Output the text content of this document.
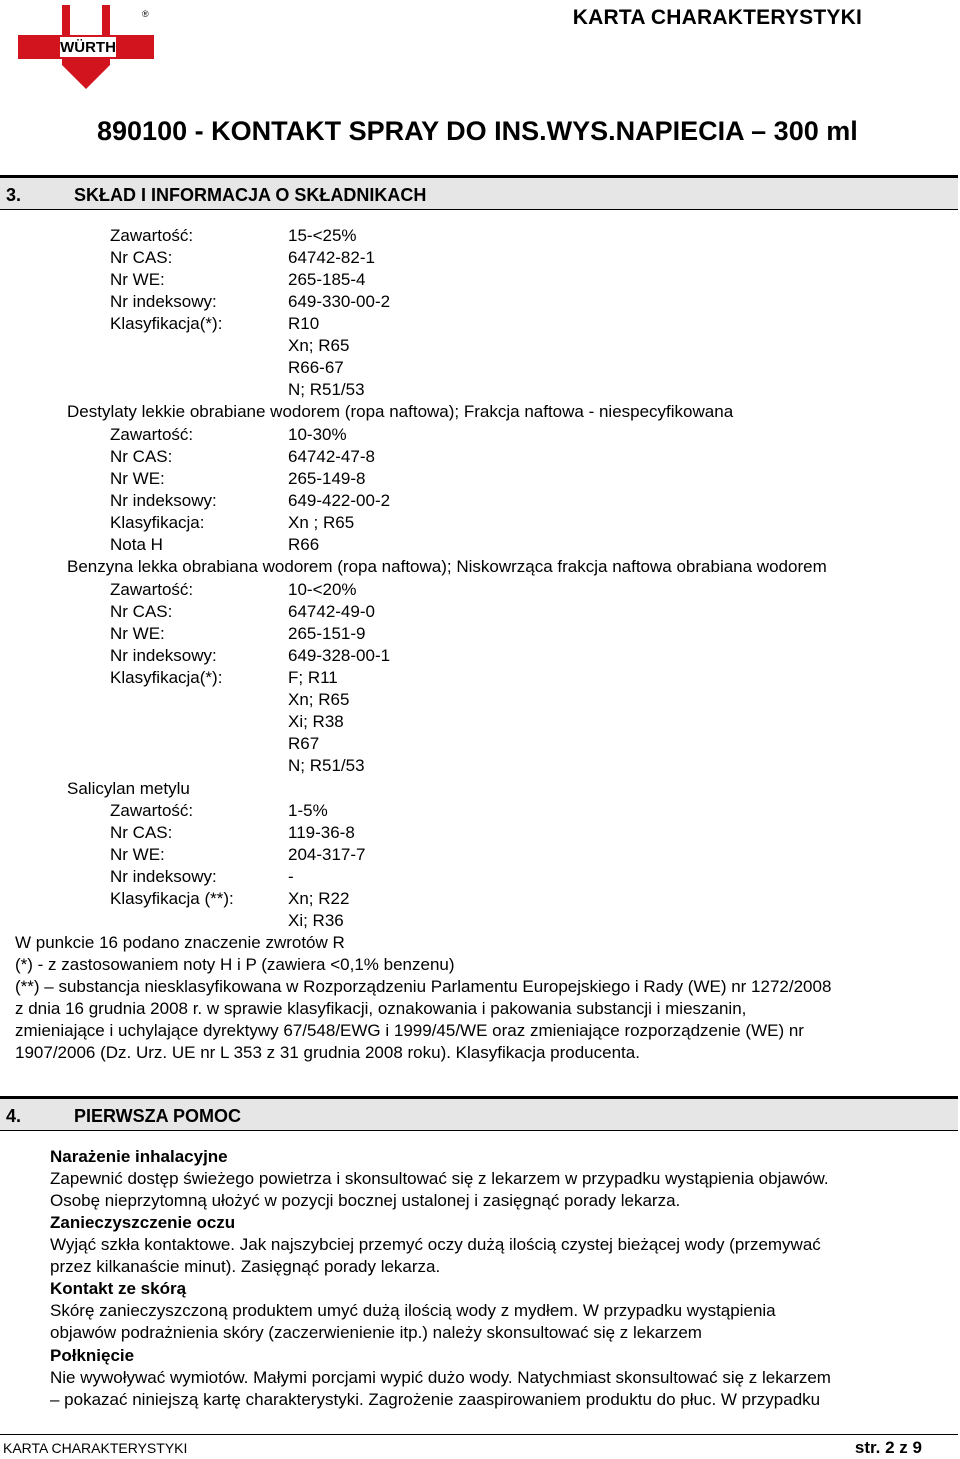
WÜRTH
®	KARTA CHARAKTERYSTYKI
890100 - KONTAKT SPRAY DO INS.WYS.NAPIECIA – 300 ml
3.	SKŁAD I INFORMACJA O SKŁADNIKACH
Zawartość:	15-<25%
Nr CAS:	64742-82-1
Nr WE:	265-185-4
Nr indeksowy:	649-330-00-2
Klasyfikacja(*):	R10
Xn; R65
R66-67
N; R51/53
Destylaty lekkie obrabiane wodorem (ropa naftowa); Frakcja naftowa - niespecyfikowana
Zawartość:	10-30%
Nr CAS:	64742-47-8
Nr WE:	265-149-8
Nr indeksowy:	649-422-00-2
Klasyfikacja:	Xn ; R65
Nota H	R66
Benzyna lekka obrabiana wodorem (ropa naftowa); Niskowrząca frakcja naftowa obrabiana wodorem
Zawartość:	10-<20%
Nr CAS:	64742-49-0
Nr WE:	265-151-9
Nr indeksowy:	649-328-00-1
Klasyfikacja(*):	F; R11
Xn; R65
Xi; R38
R67
N; R51/53
Salicylan metylu
Zawartość:	1-5%
Nr CAS:	119-36-8
Nr WE:	204-317-7
Nr indeksowy:	-
Klasyfikacja (**):	Xn; R22
Xi; R36
W punkcie 16 podano znaczenie zwrotów R
(*) - z zastosowaniem noty H i P (zawiera <0,1% benzenu)
(**) – substancja niesklasyfikowana w Rozporządzeniu Parlamentu Europejskiego i Rady (WE) nr 1272/2008
z dnia 16 grudnia 2008 r. w sprawie klasyfikacji, oznakowania i pakowania substancji i mieszanin,
zmieniające i uchylające dyrektywy 67/548/EWG i 1999/45/WE oraz zmieniające rozporządzenie (WE) nr
1907/2006 (Dz. Urz. UE nr L 353 z 31 grudnia 2008 roku). Klasyfikacja producenta.
4.	PIERWSZA POMOC
Narażenie inhalacyjne
Zapewnić dostęp świeżego powietrza i skonsultować się z lekarzem w przypadku wystąpienia objawów.
Osobę nieprzytomną ułożyć w pozycji bocznej ustalonej i zasięgnąć porady lekarza.
Zanieczyszczenie oczu
Wyjąć szkła kontaktowe. Jak najszybciej przemyć oczy dużą ilością czystej bieżącej wody (przemywać
przez kilkanaście minut). Zasięgnąć porady lekarza.
Kontakt ze skórą
Skórę zanieczyszczoną produktem umyć dużą ilością wody z mydłem. W przypadku wystąpienia
objawów podrażnienia skóry (zaczerwienienie itp.) należy skonsultować się z lekarzem
Połknięcie
Nie wywoływać wymiotów. Małymi porcjami wypić dużo wody. Natychmiast skonsultować się z lekarzem
– pokazać niniejszą kartę charakterystyki. Zagrożenie zaaspirowaniem produktu do płuc. W przypadku
KARTA CHARAKTERYSTYKI	str. 2 z 9
